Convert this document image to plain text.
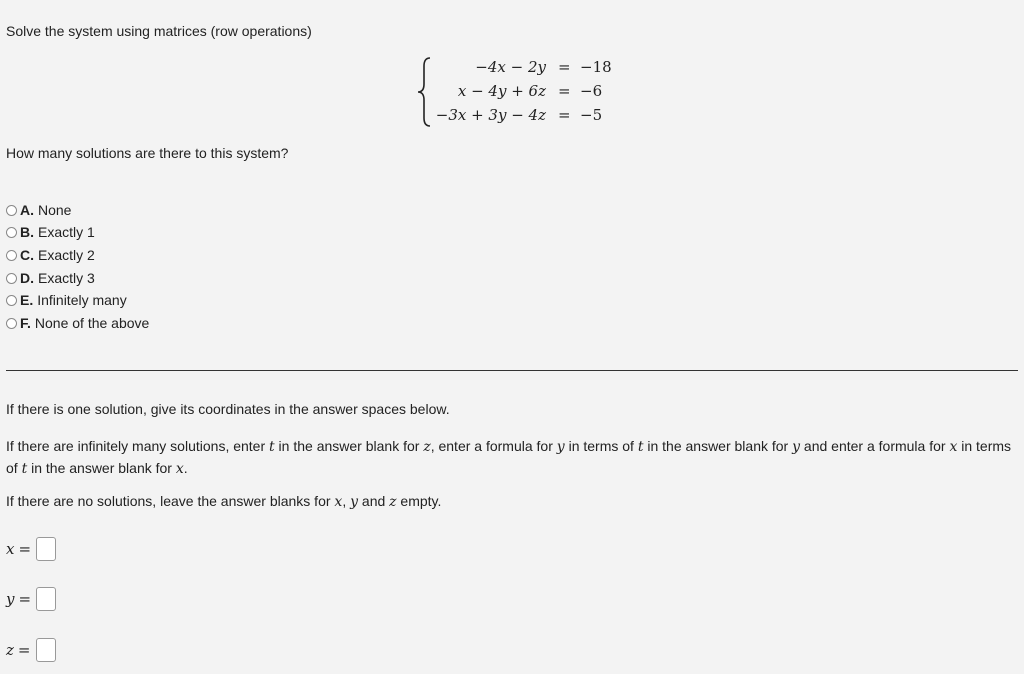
Solve the system using matrices (row operations)
−4x − 2y = −18
x − 4y + 6z = −6
−3x + 3y − 4z = −5
How many solutions are there to this system?
A. None
B. Exactly 1
C. Exactly 2
D. Exactly 3
E. Infinitely many
F. None of the above
If there is one solution, give its coordinates in the answer spaces below.
If there are infinitely many solutions, enter t in the answer blank for z, enter a formula for y in terms of t in the answer blank for y and enter a formula for x in terms of t in the answer blank for x.
If there are no solutions, leave the answer blanks for x, y and z empty.
x =
y =
z =
